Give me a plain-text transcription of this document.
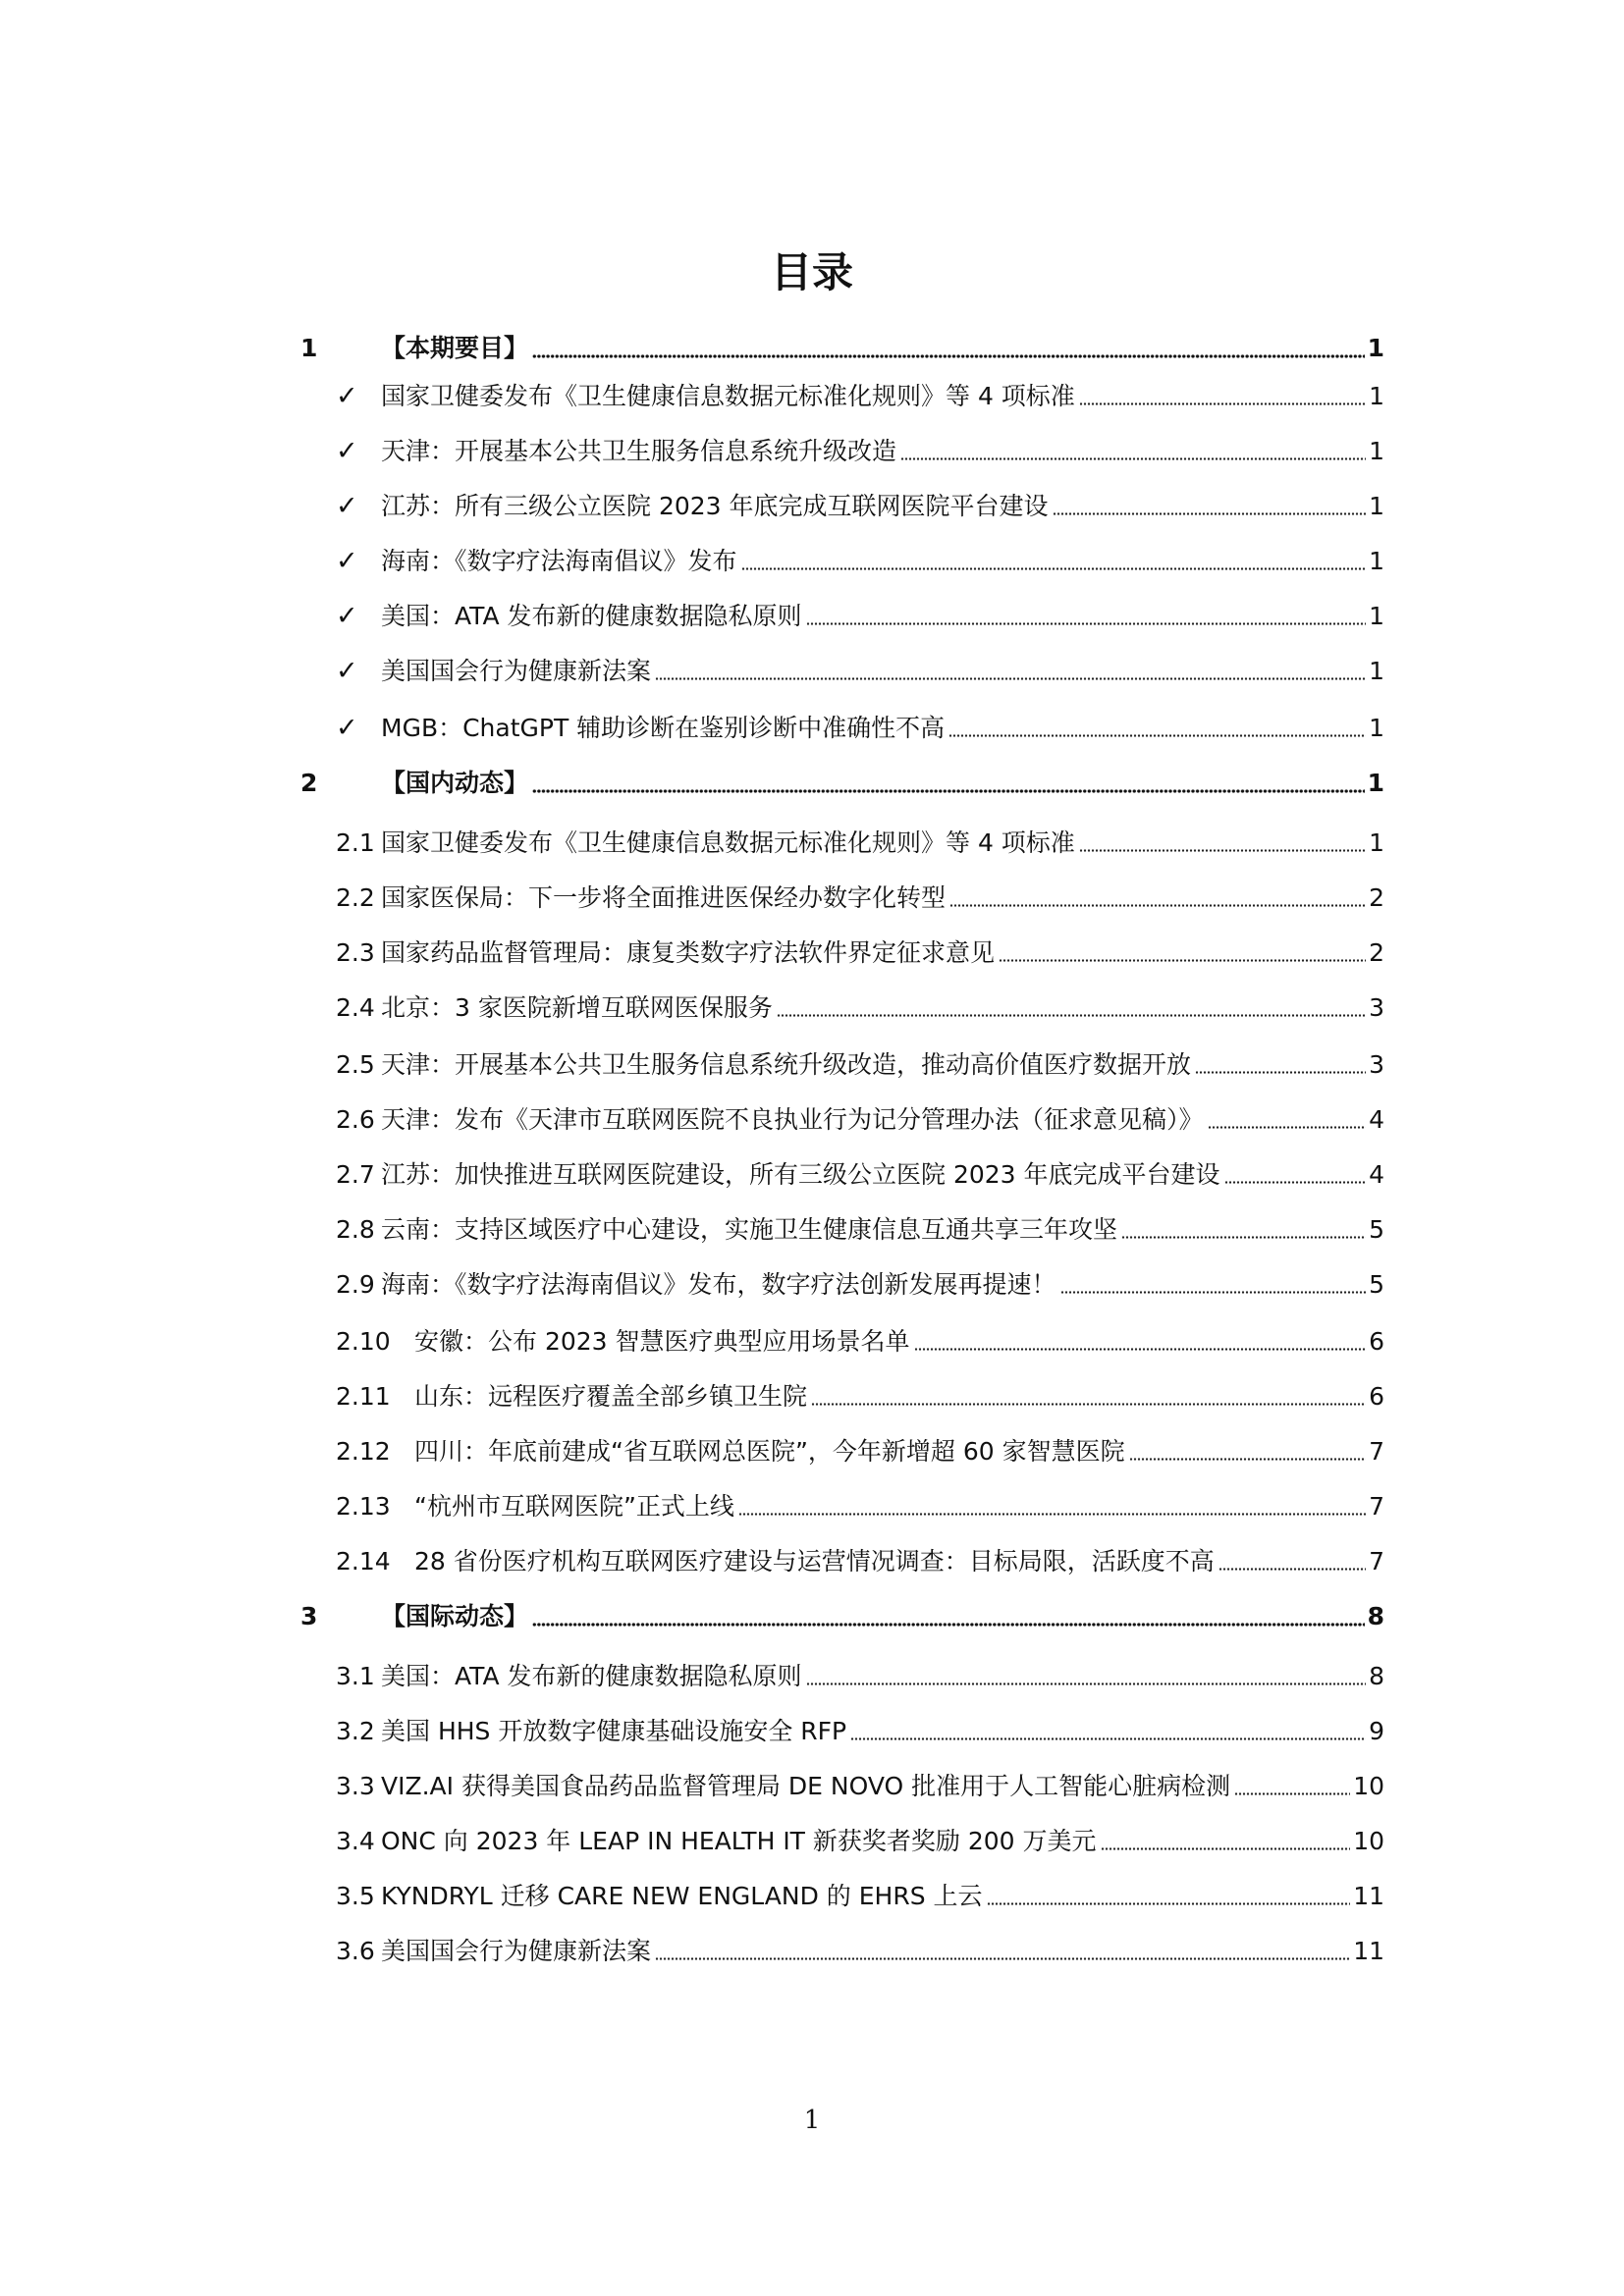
目录
1	【本期要目】	1
✓ 国家卫健委发布《卫生健康信息数据元标准化规则》等 4 项标准	1
✓ 天津：开展基本公共卫生服务信息系统升级改造	1
✓ 江苏：所有三级公立医院 2023 年底完成互联网医院平台建设	1
✓ 海南：《数字疗法海南倡议》发布	1
✓ 美国：ATA 发布新的健康数据隐私原则	1
✓ 美国国会行为健康新法案	1
✓ MGB：ChatGPT 辅助诊断在鉴别诊断中准确性不高	1
2	【国内动态】	1
2.1 国家卫健委发布《卫生健康信息数据元标准化规则》等 4 项标准	1
2.2 国家医保局：下一步将全面推进医保经办数字化转型	2
2.3 国家药品监督管理局：康复类数字疗法软件界定征求意见	2
2.4 北京：3 家医院新增互联网医保服务	3
2.5 天津：开展基本公共卫生服务信息系统升级改造，推动高价值医疗数据开放	3
2.6 天津：发布《天津市互联网医院不良执业行为记分管理办法（征求意见稿）》	4
2.7 江苏：加快推进互联网医院建设，所有三级公立医院 2023 年底完成平台建设	4
2.8 云南：支持区域医疗中心建设，实施卫生健康信息互通共享三年攻坚	5
2.9 海南：《数字疗法海南倡议》发布，数字疗法创新发展再提速！	5
2.10 安徽：公布 2023 智慧医疗典型应用场景名单	6
2.11 山东：远程医疗覆盖全部乡镇卫生院	6
2.12 四川：年底前建成“省互联网总医院”，今年新增超 60 家智慧医院	7
2.13 “杭州市互联网医院”正式上线	7
2.14 28 省份医疗机构互联网医疗建设与运营情况调查：目标局限，活跃度不高	7
3	【国际动态】	8
3.1 美国：ATA 发布新的健康数据隐私原则	8
3.2 美国 HHS 开放数字健康基础设施安全 RFP	9
3.3 VIZ.AI 获得美国食品药品监督管理局 DE NOVO 批准用于人工智能心脏病检测	10
3.4 ONC 向 2023 年 LEAP IN HEALTH IT 新获奖者奖励 200 万美元	10
3.5 KYNDRYL 迁移 CARE NEW ENGLAND 的 EHRS 上云	11
3.6 美国国会行为健康新法案	11
1
